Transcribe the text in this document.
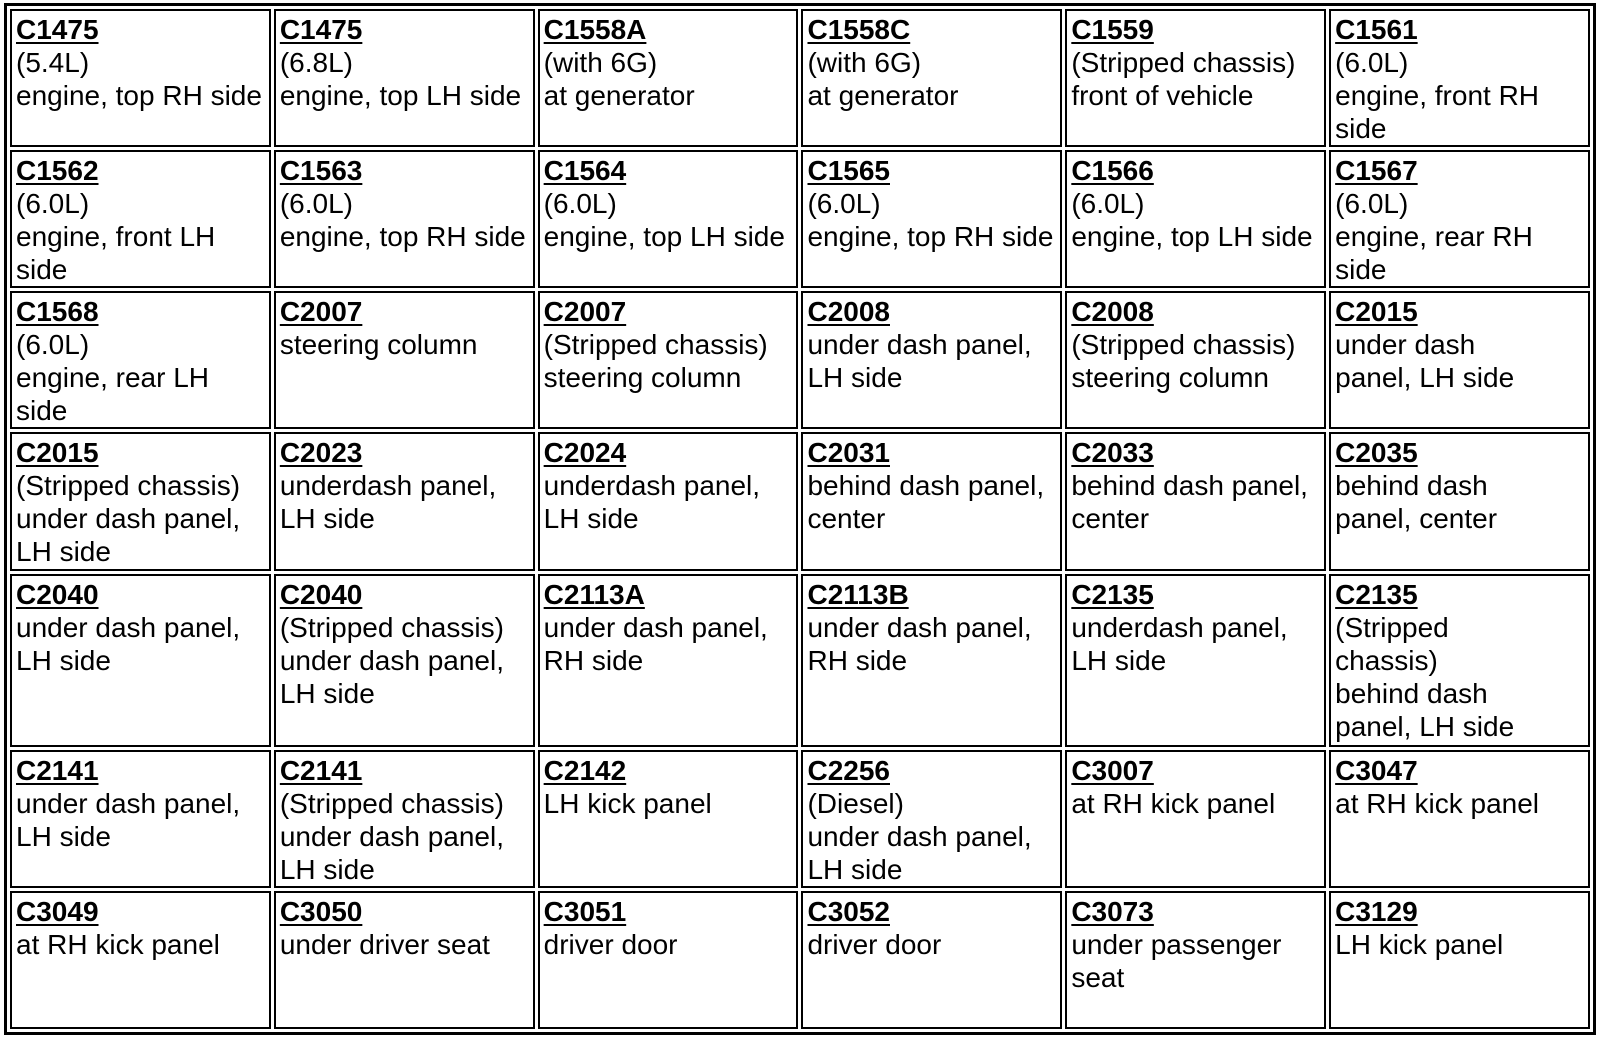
C1475
(5.4L)
engine, top RH side	C1475
(6.8L)
engine, top LH side	C1558A
(with 6G)
at generator	C1558C
(with 6G)
at generator	C1559
(Stripped chassis)
front of vehicle	C1561
(6.0L)
engine, front RH
side

C1562
(6.0L)
engine, front LH
side	C1563
(6.0L)
engine, top RH side	C1564
(6.0L)
engine, top LH side	C1565
(6.0L)
engine, top RH side	C1566
(6.0L)
engine, top LH side	C1567
(6.0L)
engine, rear RH
side

C1568
(6.0L)
engine, rear LH
side	C2007
steering column	C2007
(Stripped chassis)
steering column	C2008
under dash panel,
LH side	C2008
(Stripped chassis)
steering column	C2015
under dash
panel, LH side

C2015
(Stripped chassis)
under dash panel,
LH side	C2023
underdash panel,
LH side	C2024
underdash panel,
LH side	C2031
behind dash panel,
center	C2033
behind dash panel,
center	C2035
behind dash
panel, center

C2040
under dash panel,
LH side	C2040
(Stripped chassis)
under dash panel,
LH side	C2113A
under dash panel,
RH side	C2113B
under dash panel,
RH side	C2135
underdash panel,
LH side	C2135
(Stripped
chassis)
behind dash
panel, LH side

C2141
under dash panel,
LH side	C2141
(Stripped chassis)
under dash panel,
LH side	C2142
LH kick panel	C2256
(Diesel)
under dash panel,
LH side	C3007
at RH kick panel	C3047
at RH kick panel

C3049
at RH kick panel	C3050
under driver seat	C3051
driver door	C3052
driver door	C3073
under passenger
seat	C3129
LH kick panel
